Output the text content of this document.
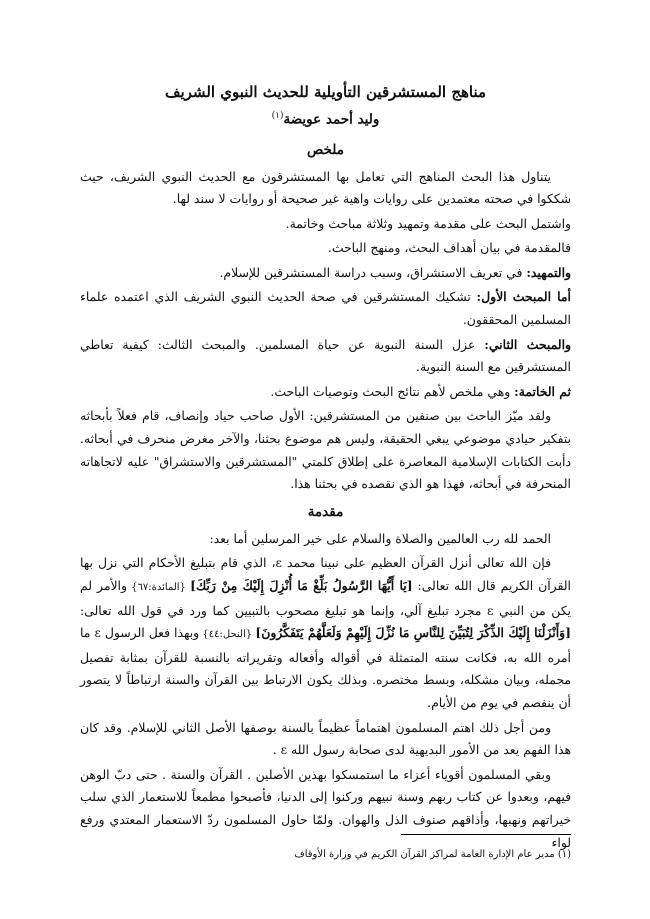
مناهج المستشرقين التأويلية للحديث النبوي الشريف
وليد أحمد عويضة$^{(١)}$
ملخص

يتناول هذا البحث المناهج التي تعامل بها المستشرقون مع الحديث النبوي الشريف، حيث شككوا في صحته معتمدين على روايات واهية غير صحيحة أو روايات لا سند لها.

واشتمل البحث على مقدمة وتمهيد وثلاثة مباحث وخاتمة.

فالمقدمة في بيان أهداف البحث، ومنهج الباحث.

والتمهيد: في تعريف الاستشراق، وسبب دراسة المستشرقين للإسلام.

أما المبحث الأول: تشكيك المستشرقين في صحة الحديث النبوي الشريف الذي اعتمده علماء المسلمين المحققون.

والمبحث الثاني: عزل السنة النبوية عن حياة المسلمين. والمبحث الثالث: كيفية تعاطي المستشرقين مع السنة النبوية.

ثم الخاتمة: وهي ملخص لأهم نتائج البحث وتوصيات الباحث.

ولقد ميّز الباحث بين صنفين من المستشرقين: الأول صاحب حياد وإنصاف، قام فعلاً بأبحاثه بتفكير حيادي موضوعي يبغي الحقيقة، وليس هم موضوع بحثنا، والآخر مغرض منحرف في أبحاثه. دأبت الكتابات الإسلامية المعاصرة على إطلاق كلمتي "المستشرقين والاستشراق" عليه لاتجاهاته المنحرفة في أبحاثه، فهذا هو الذي نقصده في بحثنا هذا.

مقدمة

الحمد لله رب العالمين والصلاة والسلام على خير المرسلين أما بعد:

فإن الله تعالى أنزل القرآن العظيم على نبينا محمد ε، الذي قام بتبليغ الأحكام التي نزل بها القرآن الكريم قال الله تعالى: [يَا أَيُّهَا الرَّسُولُ بَلِّغْ مَا أُنْزِلَ إِلَيْكَ مِنْ رَبِّكَ] {المائدة:٦٧} والأمر لم يكن من النبي ε مجرد تبليغ آلي، وإنما هو تبليغ مصحوب بالتبيين كما ورد في قول الله تعالى: [وَأَنْزَلْنَا إِلَيْكَ الذِّكْرَ لِتُبَيِّنَ لِلنَّاسِ مَا نُزِّلَ إِلَيْهِمْ وَلَعَلَّهُمْ يَتَفَكَّرُونَ] {النحل:٤٤} وبهذا فعل الرسول ε ما أمره الله به، فكانت سنته المتمثلة في أقواله وأفعاله وتقريراته بالنسبة للقرآن بمثابة تفصيل مجمله، وبيان مشكله، وبسط مختصره. وبذلك يكون الارتباط بين القرآن والسنة ارتباطاً لا يتصور أن ينفصم في يوم من الأيام.

ومن أجل ذلك اهتم المسلمون اهتماماً عظيماً بالسنة بوصفها الأصل الثاني للإسلام. وقد كان هذا الفهم يعد من الأمور البديهية لدى صحابة رسول الله ε .

وبقي المسلمون أقوياء أعزاء ما استمسكوا بهذين الأصلين . القرآن والسنة . حتى دبّ الوهن فيهم، وبعدوا عن كتاب ربهم وسنة نبيهم وركنوا إلى الدنيا، فأصبحوا مطمعاً للاستعمار الذي سلب خيراتهم ونهبها، وأذاقهم صنوف الذل والهوان. ولمّا حاول المسلمون ردّ الاستعمار المعتدي ورفع لواء

(١) مدير عام الإدارة العامة لمراكز القرآن الكريم في وزارة الأوقاف
